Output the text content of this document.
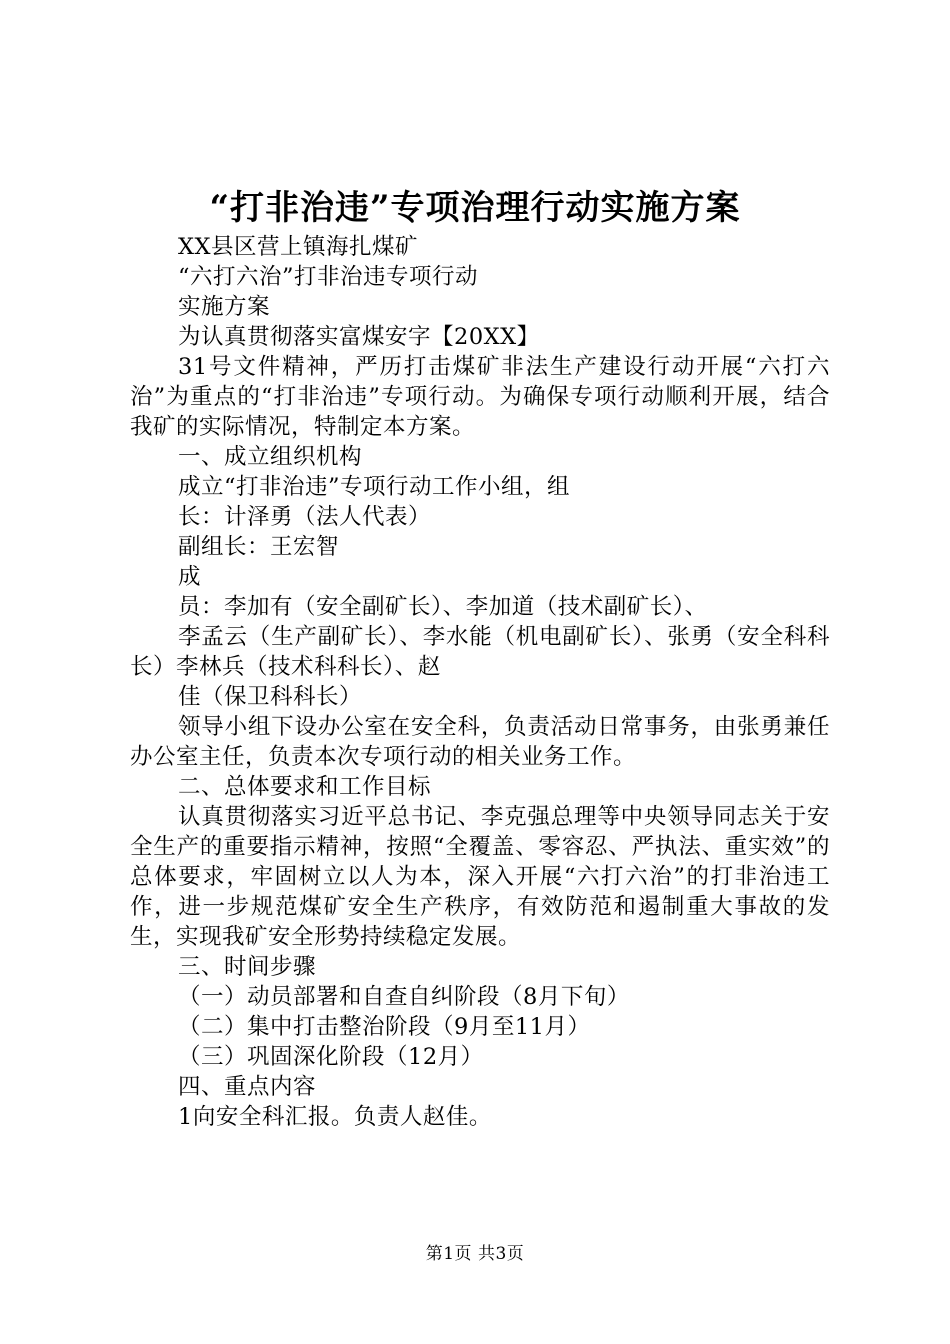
“打非治违”专项治理行动实施方案
XX县区营上镇海扎煤矿
“六打六治”打非治违专项行动
实施方案
为认真贯彻落实富煤安字【20XX】
31号文件精神，严历打击煤矿非法生产建设行动开展“六打六治”为重点的“打非治违”专项行动。为确保专项行动顺利开展，结合我矿的实际情况，特制定本方案。
一、成立组织机构
成立“打非治违”专项行动工作小组，组
长：计泽勇（法人代表）
副组长：王宏智
成
员：李加有（安全副矿长）、李加道（技术副矿长）、
李孟云（生产副矿长）、李水能（机电副矿长）、张勇（安全科科长）李林兵（技术科科长）、赵
佳（保卫科科长）
领导小组下设办公室在安全科，负责活动日常事务，由张勇兼任办公室主任，负责本次专项行动的相关业务工作。
二、总体要求和工作目标
认真贯彻落实习近平总书记、李克强总理等中央领导同志关于安全生产的重要指示精神，按照“全覆盖、零容忍、严执法、重实效”的总体要求，牢固树立以人为本，深入开展“六打六治”的打非治违工作，进一步规范煤矿安全生产秩序，有效防范和遏制重大事故的发生，实现我矿安全形势持续稳定发展。
三、时间步骤
（一）动员部署和自查自纠阶段（8月下旬）
（二）集中打击整治阶段（9月至11月）
（三）巩固深化阶段（12月）
四、重点内容
1向安全科汇报。负责人赵佳。
第1页 共3页
